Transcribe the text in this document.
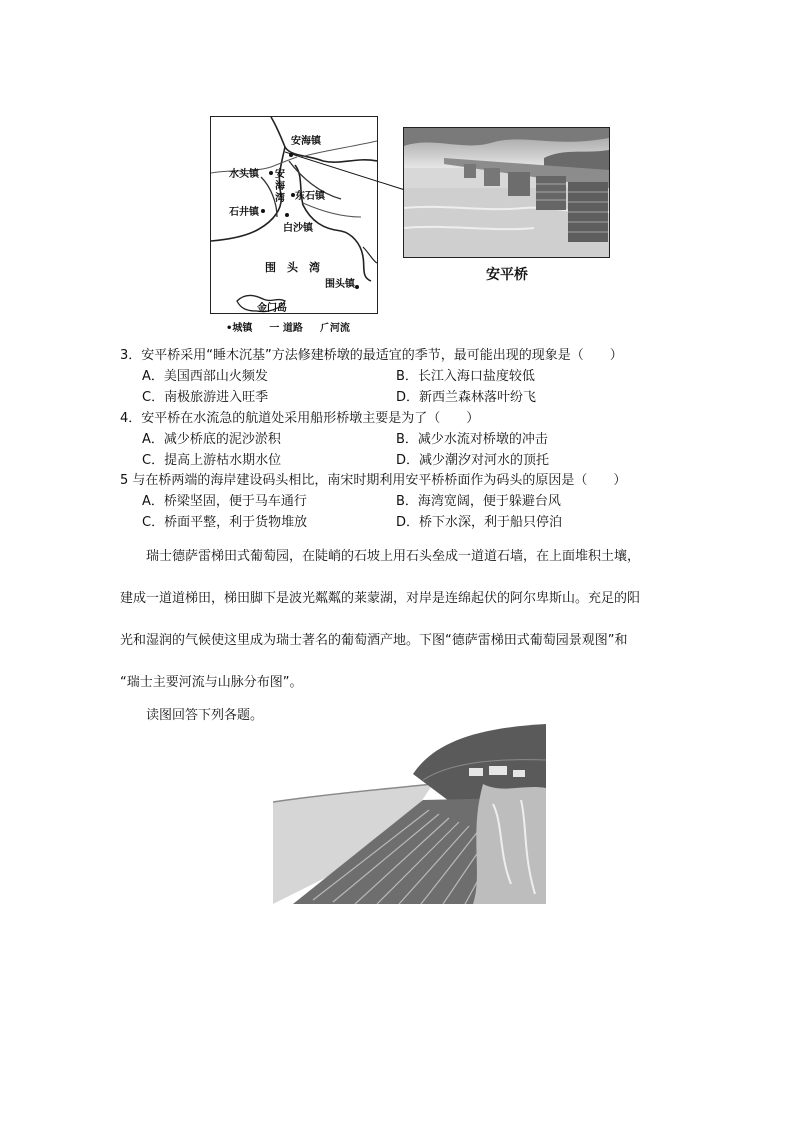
安海镇
水头镇 安海湾 东石镇
石井镇
白沙镇
围　头　湾
围头镇
金门岛
•城镇 一 道路 ⺁河流
安平桥
3．安平桥采用“睡木沉基”方法修建桥墩的最适宜的季节，最可能出现的现象是（　　）
A．美国西部山火频发	B．长江入海口盐度较低
C．南极旅游进入旺季	D．新西兰森林落叶纷飞
4．安平桥在水流急的航道处采用船形桥墩主要是为了（　　）
A．减少桥底的泥沙淤积	B．减少水流对桥墩的冲击
C．提高上游枯水期水位	D．减少潮汐对河水的顶托
5 与在桥两端的海岸建设码头相比，南宋时期利用安平桥桥面作为码头的原因是（　　）
A．桥梁坚固，便于马车通行	B．海湾宽阔，便于躲避台风
C．桥面平整，利于货物堆放	D．桥下水深，利于船只停泊
瑞士德萨雷梯田式葡萄园，在陡峭的石坡上用石头垒成一道道石墙，在上面堆积土壤，
建成一道道梯田，梯田脚下是波光粼粼的莱蒙湖，对岸是连绵起伏的阿尔卑斯山。充足的阳
光和湿润的气候使这里成为瑞士著名的葡萄酒产地。下图“德萨雷梯田式葡萄园景观图”和
“瑞士主要河流与山脉分布图”。
读图回答下列各题。
